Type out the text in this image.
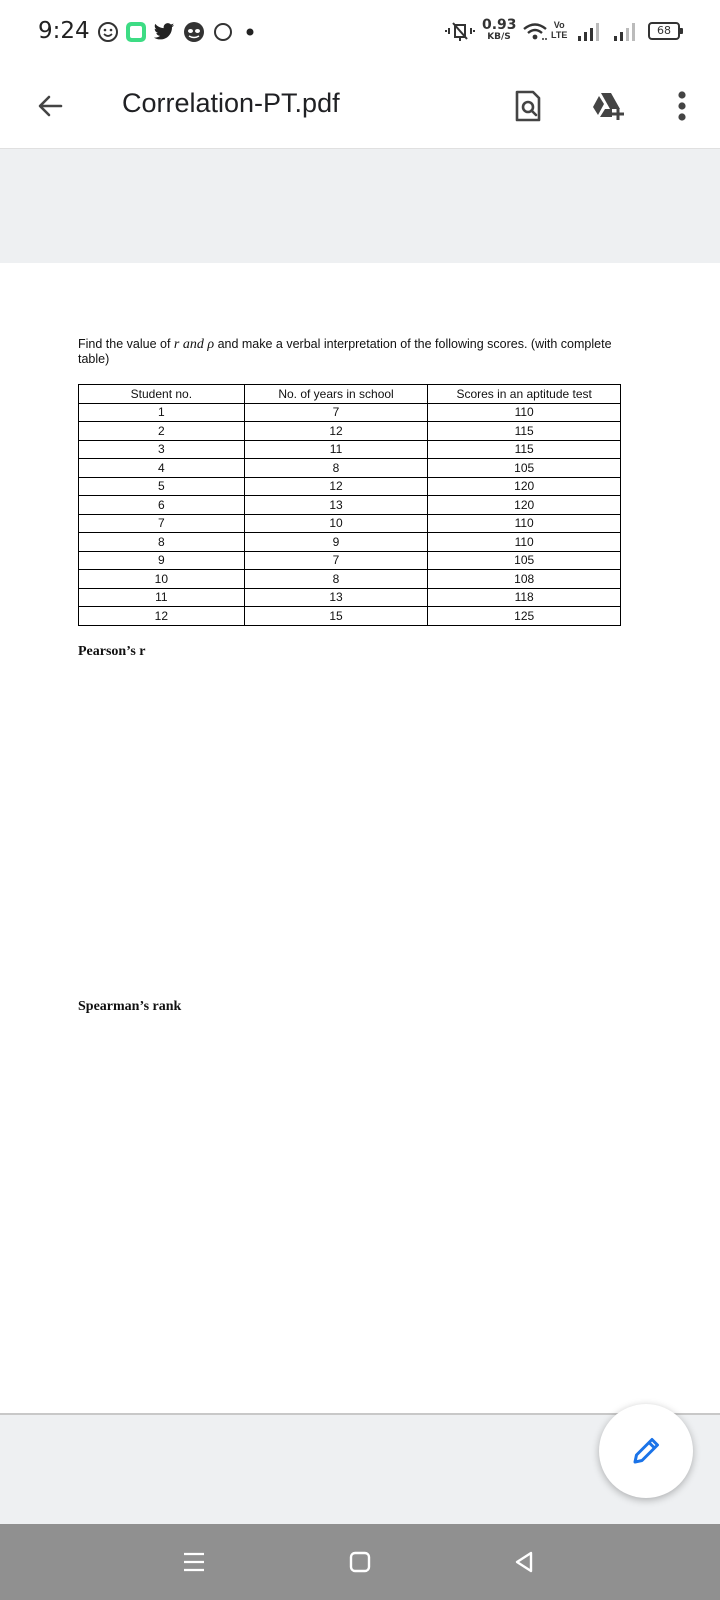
9:24	0.93
KB/S
Vo
LTE	68
Correlation-PT.pdf

Find the value of r and ρ and make a verbal interpretation of the following scores. (with complete table)

Student no.	No. of years in school	Scores in an aptitude test
1	7	110
2	12	115
3	11	115
4	8	105
5	12	120
6	13	120
7	10	110
8	9	110
9	7	105
10	8	108
11	13	118
12	15	125
Pearson’s r
Spearman’s rank
